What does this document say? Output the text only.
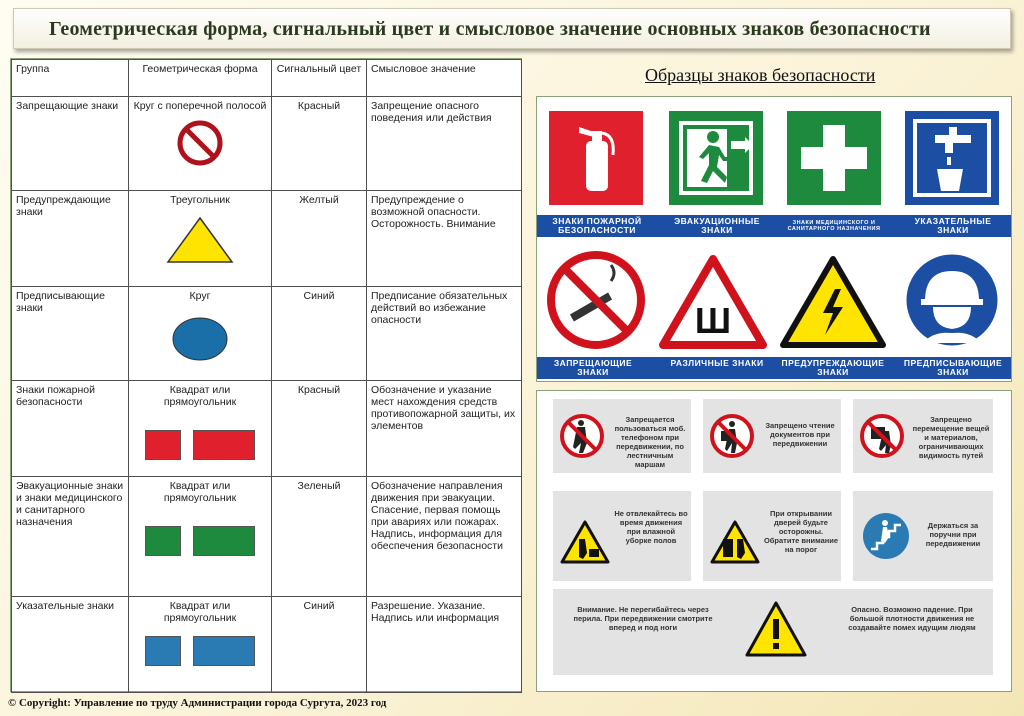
Геометрическая форма, сигнальный цвет и смысловое значение основных знаков безопасности
Группа	Геометрическая форма	Сигнальный цвет	Смысловое значение
Запрещающие знаки	Круг с поперечной полосой	Красный	Запрещение опасного поведения или действия
Предупреждающие знаки	Треугольник	Желтый	Предупреждение о возможной опасности. Осторожность. Внимание
Предписывающие знаки	Круг	Синий	Предписание обязательных действий во избежание опасности
Знаки пожарной безопасности	Квадрат или прямоугольник	Красный	Обозначение и указание мест нахождения средств противопожарной защиты, их элементов
Эвакуационные знаки и знаки медицинского и санитарного назначения	Квадрат или прямоугольник	Зеленый	Обозначение направления движения при эвакуации. Спасение, первая помощь при авариях или пожарах. Надпись, информация для обеспечения безопасности
Указательные знаки	Квадрат или прямоугольник	Синий	Разрешение. Указание. Надпись или информация
Образцы знаков безопасности
ЗНАКИ ПОЖАРНОЙ БЕЗОПАСНОСТИ
ЭВАКУАЦИОННЫЕ ЗНАКИ
ЗНАКИ МЕДИЦИНСКОГО И САНИТАРНОГО НАЗНАЧЕНИЯ
УКАЗАТЕЛЬНЫЕ ЗНАКИ
Ш
ЗАПРЕЩАЮЩИЕ ЗНАКИ
РАЗЛИЧНЫЕ ЗНАКИ	ПРЕДУПРЕЖДАЮЩИЕ ЗНАКИ
ПРЕДПИСЫВАЮЩИЕ ЗНАКИ
Запрещается пользоваться моб. телефоном при передвижении, по лестничным маршам
Запрещено чтение документов при передвижении
Запрещено перемещение вещей и материалов, ограничивающих видимость путей
Не отвлекайтесь во время движения при влажной уборке полов
При открывании дверей будьте осторожны. Обратите внимание на порог
Держаться за поручни при передвижении
Внимание. Не перегибайтесь через перила. При передвижении смотрите вперед и под ноги
Опасно. Возможно падение. При большой плотности движения не создавайте помех идущим людям
© Copyright: Управление по труду Администрации города Сургута, 2023 год
